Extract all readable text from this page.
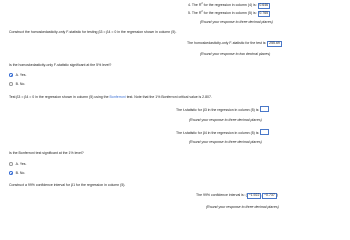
4. The $R^2$ for the regression in column (4) is: 0.646
5. The $R^2$ for the regression in column (5) is: 0.765
(Round your response to three decimal places)
Construct the homoskedasticity-only F-statistic for testing β3 = β4 = 0 in the regression shown in column (5).
The homoskedasticity-only F-statistic for the test is: 255.69
(Round your response to two decimal places)
Is the homoskedasticity-only F-statistic significant at the 5% level?
A. Yes.
B. No.
Test β3 = β4 = 0 in the regression shown in column (5) using the Bonferroni test. Note that the 1% Bonferroni critical value is 2.807.
The t-statistic for β3 in the regression in column (5) is:
(Round your response to three decimal places)
The t-statistic for β4 in the regression in column (5) is:
(Round your response to three decimal places)
Is the Bonferroni test significant at the 1% level?
A. Yes.
B. No.
Construct a 99% confidence interval for β1 for the regression in column (5).
The 99% confidence interval is: ( −1.922 , −0.737 )
(Round your response to three decimal places)
